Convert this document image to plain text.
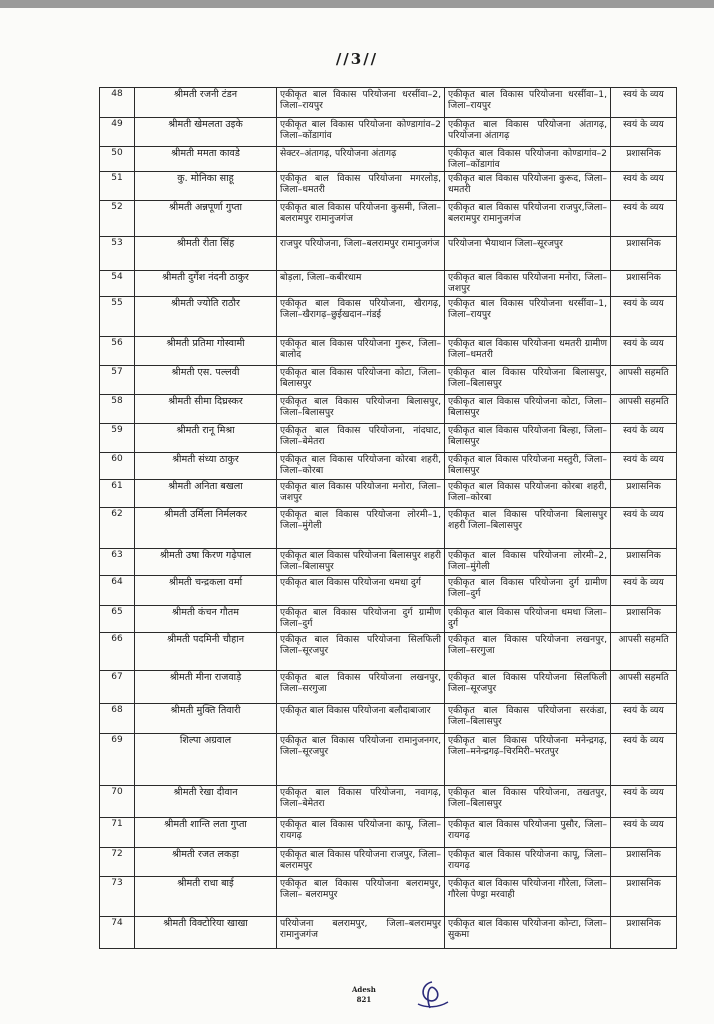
//3//
48	श्रीमती रजनी टंडन	एकीकृत बाल विकास परियोजना धरसींवा–2, जिला–रायपुर	एकीकृत बाल विकास परियोजना धरसींवा–1, जिला–रायपुर	स्वयं के व्यय
49	श्रीमती खेमलता उइके	एकीकृत बाल विकास परियोजना कोण्डागांव–2 जिला–कोंडागांव	एकीकृत बाल विकास परियोजना अंतागढ़, परियोजना अंतागढ़	स्वयं के व्यय
50	श्रीमती ममता कावडे	सेक्टर–अंतागढ़, परियोजना अंतागढ़	एकीकृत बाल विकास परियोजना कोण्डागांव–2 जिला–कोंडागांव	प्रशासनिक
51	कु. मोनिका साहू	एकीकृत बाल विकास परियोजना मगरलोड़, जिला–धमतरी	एकीकृत बाल विकास परियोजना कुरूद, जिला–धमतरी	स्वयं के व्यय
52	श्रीमती अन्नपूर्णा गुप्ता	एकीकृत बाल विकास परियोजना कुसमी, जिला–बलरामपुर रामानुजगंज	एकीकृत बाल विकास परियोजना राजपुर,जिला–बलरामपुर रामानुजगंज	स्वयं के व्यय
53	श्रीमती रीता सिंह	राजपुर परियोजना, जिला–बलरामपुर रामानुजगंज	परियोजना भैयाथान जिला–सूरजपुर	प्रशासनिक
54	श्रीमती दुर्गेश नंदनी ठाकुर	बोड़ला, जिला–कबीरधाम	एकीकृत बाल विकास परियोजना मनोरा, जिला–जशपुर	प्रशासनिक
55	श्रीमती ज्योति राठौर	एकीकृत बाल विकास परियोजना, खैरागढ़, जिला–खैरागढ़–छुईखदान–गंडई	एकीकृत बाल विकास परियोजना धरसींवा–1, जिला–रायपुर	स्वयं के व्यय
56	श्रीमती प्रतिमा गोस्वामी	एकीकृत बाल विकास परियोजना गुरूर, जिला– बालोद	एकीकृत बाल विकास परियोजना धमतरी ग्रामीण जिला–धमतरी	स्वयं के व्यय
57	श्रीमती एस. पल्लवी	एकीकृत बाल विकास परियोजना कोटा, जिला–बिलासपुर	एकीकृत बाल विकास परियोजना बिलासपुर, जिला–बिलासपुर	आपसी सहमति
58	श्रीमती सीमा दिघ्रस्कर	एकीकृत बाल विकास परियोजना बिलासपुर, जिला–बिलासपुर	एकीकृत बाल विकास परियोजना कोटा, जिला–बिलासपुर	आपसी सहमति
59	श्रीमती रानू मिश्रा	एकीकृत बाल विकास परियोजना, नांदघाट, जिला–बेमेतरा	एकीकृत बाल विकास परियोजना बिल्हा, जिला–बिलासपुर	स्वयं के व्यय
60	श्रीमती संध्या ठाकुर	एकीकृत बाल विकास परियोजना कोरबा शहरी, जिला–कोरबा	एकीकृत बाल विकास परियोजना मस्तुरी, जिला–बिलासपुर	स्वयं के व्यय
61	श्रीमती अनिता बखला	एकीकृत बाल विकास परियोजना मनोरा, जिला–जशपुर	एकीकृत बाल विकास परियोजना कोरबा शहरी, जिला–कोरबा	प्रशासनिक
62	श्रीमती उर्मिला निर्मलकर	एकीकृत बाल विकास परियोजना लोरमी–1, जिला–मुंगेली	एकीकृत बाल विकास परियोजना बिलासपुर शहरी जिला–बिलासपुर	स्वयं के व्यय
63	श्रीमती उषा किरण गढ़ेपाल	एकीकृत बाल विकास परियोजना बिलासपुर शहरी जिला–बिलासपुर	एकीकृत बाल विकास परियोजना लोरमी–2, जिला–मुंगेली	प्रशासनिक
64	श्रीमती चन्द्रकला वर्मा	एकीकृत बाल विकास परियोजना धमधा दुर्ग	एकीकृत बाल विकास परियोजना दुर्ग ग्रामीण जिला–दुर्ग	स्वयं के व्यय
65	श्रीमती कंचन गौतम	एकीकृत बाल विकास परियोजना दुर्ग ग्रामीण जिला–दुर्ग	एकीकृत बाल विकास परियोजना धमधा जिला–दुर्ग	प्रशासनिक
66	श्रीमती पदमिनी चौहान	एकीकृत बाल विकास परियोजना सिलफिली जिला–सूरजपुर	एकीकृत बाल विकास परियोजना लखनपुर, जिला–सरगुजा	आपसी सहमति
67	श्रीमती मीना राजवाड़े	एकीकृत बाल विकास परियोजना लखनपुर, जिला–सरगुजा	एकीकृत बाल विकास परियोजना सिलफिली जिला–सूरजपुर	आपसी सहमति
68	श्रीमती मुक्ति तिवारी	एकीकृत बाल विकास परियोजना बलौदाबाजार	एकीकृत बाल विकास परियोजना सरकंडा, जिला–बिलासपुर	स्वयं के व्यय
69	शिल्पा अग्रवाल	एकीकृत बाल विकास परियोजना रामानुजनगर, जिला–सूरजपुर	एकीकृत बाल विकास परियोजना मनेन्द्रगढ़, जिला–मनेन्द्रगढ़–चिरमिरी–भरतपुर	स्वयं के व्यय
70	श्रीमती रेखा दीवान	एकीकृत बाल विकास परियोजना, नवागढ़, जिला–बेमेतरा	एकीकृत बाल विकास परियोजना, तखतपुर, जिला–बिलासपुर	स्वयं के व्यय
71	श्रीमती शान्ति लता गुप्ता	एकीकृत बाल विकास परियोजना कापू, जिला–रायगढ़	एकीकृत बाल विकास परियोजना पुसौर, जिला–रायगढ़	स्वयं के व्यय
72	श्रीमती रजत लकड़ा	एकीकृत बाल विकास परियोजना राजपुर, जिला–बलरामपुर	एकीकृत बाल विकास परियोजना कापू, जिला–रायगढ़	प्रशासनिक
73	श्रीमती राधा बाई	एकीकृत बाल विकास परियोजना बलरामपुर, जिला– बलरामपुर	एकीकृत बाल विकास परियोजना गौरेला, जिला–गौरेला पेण्ड्रा मरवाही	प्रशासनिक
74	श्रीमती विक्टोरिया खाखा	परियोजना बलरामपुर, जिला–बलरामपुर रामानुजगंज	एकीकृत बाल विकास परियोजना कोन्टा, जिला–सुकमा	प्रशासनिक
Adesh
821
